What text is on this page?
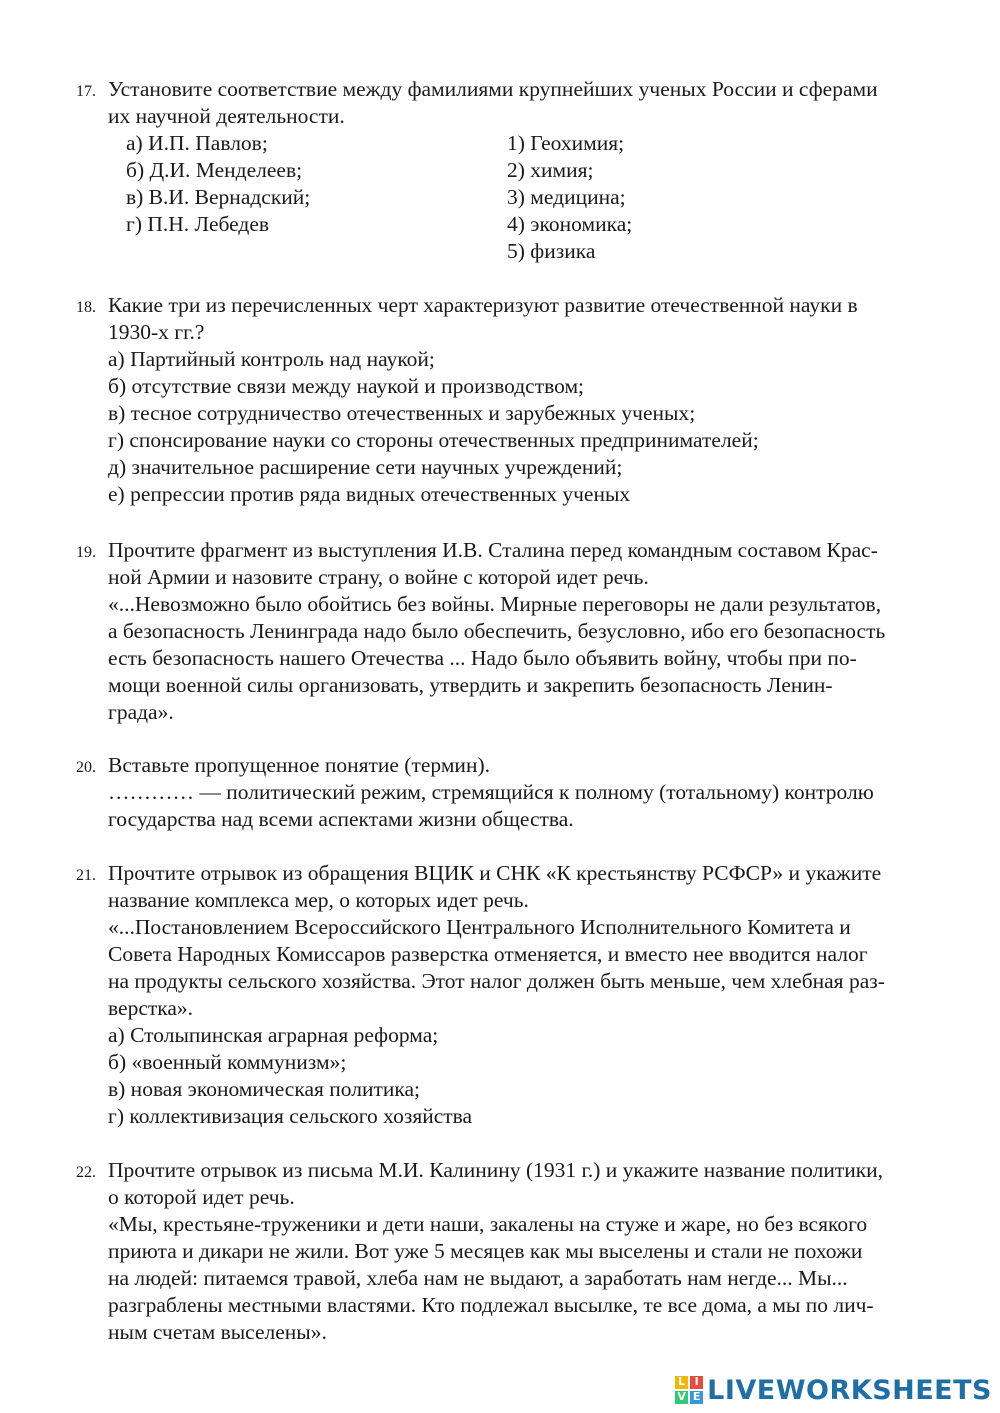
17. Установите соответствие между фамилиями крупнейших ученых России и сферами
их научной деятельности.
а) И.П. Павлов;
б) Д.И. Менделеев;
в) В.И. Вернадский;
г) П.Н. Лебедев
1) Геохимия;
2) химия;
3) медицина;
4) экономика;
5) физика
18. Какие три из перечисленных черт характеризуют развитие отечественной науки в
1930-х гг.?
а) Партийный контроль над наукой;
б) отсутствие связи между наукой и производством;
в) тесное сотрудничество отечественных и зарубежных ученых;
г) спонсирование науки со стороны отечественных предпринимателей;
д) значительное расширение сети научных учреждений;
е) репрессии против ряда видных отечественных ученых
19. Прочтите фрагмент из выступления И.В. Сталина перед командным составом Крас-
ной Армии и назовите страну, о войне с которой идет речь.
«...Невозможно было обойтись без войны. Мирные переговоры не дали результатов,
а безопасность Ленинграда надо было обеспечить, безусловно, ибо его безопасность
есть безопасность нашего Отечества ... Надо было объявить войну, чтобы при по-
мощи военной силы организовать, утвердить и закрепить безопасность Ленин-
града».
20. Вставьте пропущенное понятие (термин).
………… — политический режим, стремящийся к полному (тотальному) контролю
государства над всеми аспектами жизни общества.
21. Прочтите отрывок из обращения ВЦИК и СНК «К крестьянству РСФСР» и укажите
название комплекса мер, о которых идет речь.
«...Постановлением Всероссийского Центрального Исполнительного Комитета и
Совета Народных Комиссаров разверстка отменяется, и вместо нее вводится налог
на продукты сельского хозяйства. Этот налог должен быть меньше, чем хлебная раз-
верстка».
а) Столыпинская аграрная реформа;
б) «военный коммунизм»;
в) новая экономическая политика;
г) коллективизация сельского хозяйства
22. Прочтите отрывок из письма М.И. Калинину (1931 г.) и укажите название политики,
о которой идет речь.
«Мы, крестьяне-труженики и дети наши, закалены на стуже и жаре, но без всякого
приюта и дикари не жили. Вот уже 5 месяцев как мы выселены и стали не похожи
на людей: питаемся травой, хлеба нам не выдают, а заработать нам негде... Мы...
разграблены местными властями. Кто подлежал высылке, те все дома, а мы по лич-
ным счетам выселены».
L I
V E LIVEWORKSHEETS
